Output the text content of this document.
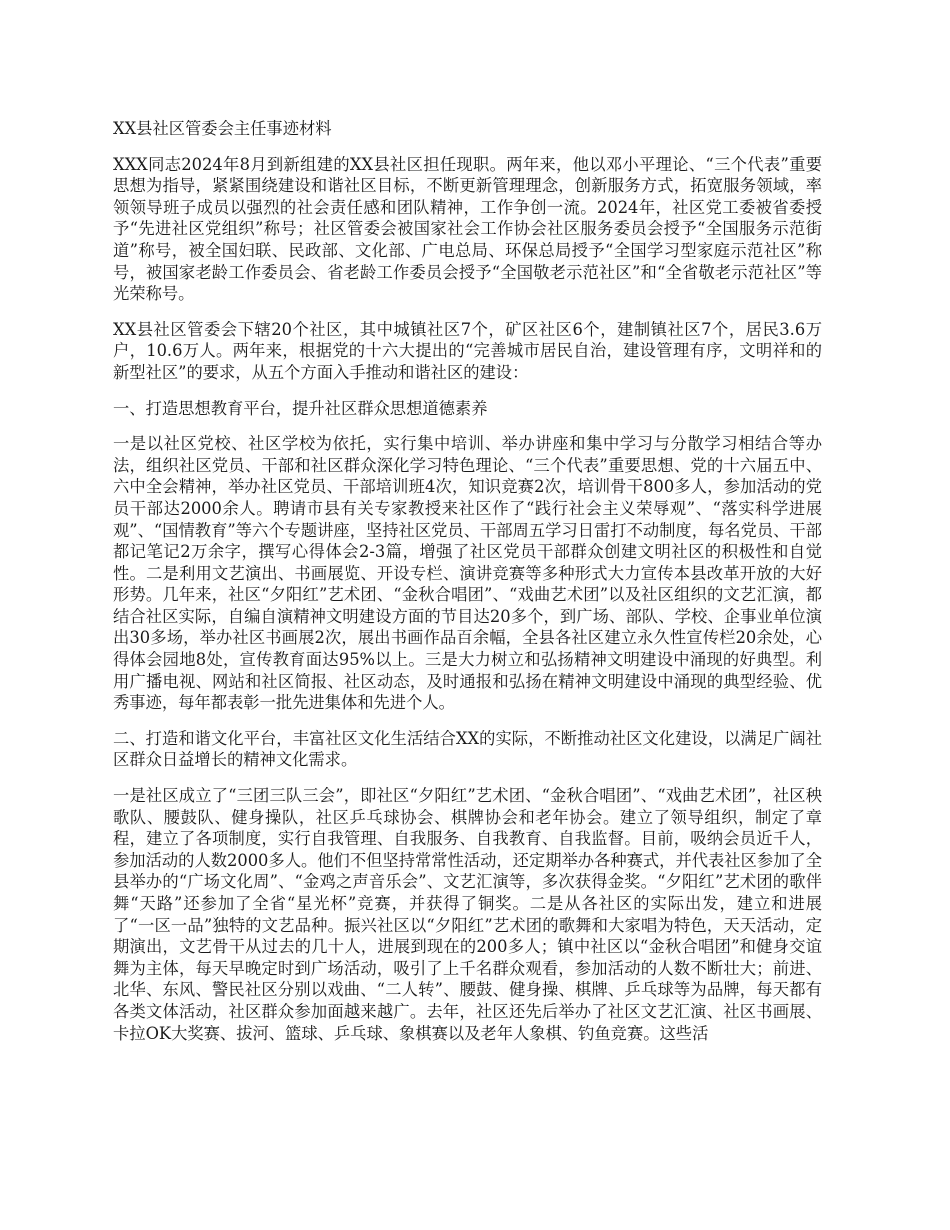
XX县社区管委会主任事迹材料

XXX同志2024年8月到新组建的XX县社区担任现职。两年来，他以邓小平理论、“三个代表”重要思想为指导，紧紧围绕建设和谐社区目标，不断更新管理理念，创新服务方式，拓宽服务领域，率领领导班子成员以强烈的社会责任感和团队精神，工作争创一流。2024年，社区党工委被省委授予“先进社区党组织”称号；社区管委会被国家社会工作协会社区服务委员会授予“全国服务示范街道”称号，被全国妇联、民政部、文化部、广电总局、环保总局授予“全国学习型家庭示范社区”称号，被国家老龄工作委员会、省老龄工作委员会授予“全国敬老示范社区”和“全省敬老示范社区”等光荣称号。

XX县社区管委会下辖20个社区，其中城镇社区7个，矿区社区6个，建制镇社区7个，居民3.6万户，10.6万人。两年来，根据党的十六大提出的“完善城市居民自治，建设管理有序，文明祥和的新型社区”的要求，从五个方面入手推动和谐社区的建设：

一、打造思想教育平台，提升社区群众思想道德素养

一是以社区党校、社区学校为依托，实行集中培训、举办讲座和集中学习与分散学习相结合等办法，组织社区党员、干部和社区群众深化学习特色理论、“三个代表”重要思想、党的十六届五中、六中全会精神，举办社区党员、干部培训班4次，知识竞赛2次，培训骨干800多人，参加活动的党员干部达2000余人。聘请市县有关专家教授来社区作了“践行社会主义荣辱观”、“落实科学进展观”、“国情教育”等六个专题讲座，坚持社区党员、干部周五学习日雷打不动制度，每名党员、干部都记笔记2万余字，撰写心得体会2-3篇，增强了社区党员干部群众创建文明社区的积极性和自觉性。二是利用文艺演出、书画展览、开设专栏、演讲竞赛等多种形式大力宣传本县改革开放的大好形势。几年来，社区“夕阳红”艺术团、“金秋合唱团”、“戏曲艺术团”以及社区组织的文艺汇演，都结合社区实际，自编自演精神文明建设方面的节目达20多个，到广场、部队、学校、企事业单位演出30多场，举办社区书画展2次，展出书画作品百余幅，全县各社区建立永久性宣传栏20余处，心得体会园地8处，宣传教育面达95%以上。三是大力树立和弘扬精神文明建设中涌现的好典型。利用广播电视、网站和社区简报、社区动态，及时通报和弘扬在精神文明建设中涌现的典型经验、优秀事迹，每年都表彰一批先进集体和先进个人。

二、打造和谐文化平台，丰富社区文化生活结合XX的实际，不断推动社区文化建设，以满足广阔社区群众日益增长的精神文化需求。

一是社区成立了“三团三队三会”，即社区“夕阳红”艺术团、“金秋合唱团”、“戏曲艺术团”，社区秧歌队、腰鼓队、健身操队，社区乒乓球协会、棋牌协会和老年协会。建立了领导组织，制定了章程，建立了各项制度，实行自我管理、自我服务、自我教育、自我监督。目前，吸纳会员近千人，参加活动的人数2000多人。他们不但坚持常常性活动，还定期举办各种赛式，并代表社区参加了全县举办的“广场文化周”、“金鸡之声音乐会”、文艺汇演等，多次获得金奖。“夕阳红”艺术团的歌伴舞“天路”还参加了全省“星光杯”竞赛，并获得了铜奖。二是从各社区的实际出发，建立和进展了“一区一品”独特的文艺品种。振兴社区以“夕阳红”艺术团的歌舞和大家唱为特色，天天活动，定期演出，文艺骨干从过去的几十人，进展到现在的200多人；镇中社区以“金秋合唱团”和健身交谊舞为主体，每天早晚定时到广场活动，吸引了上千名群众观看，参加活动的人数不断壮大；前进、北华、东风、警民社区分别以戏曲、“二人转”、腰鼓、健身操、棋牌、乒乓球等为品牌，每天都有各类文体活动，社区群众参加面越来越广。去年，社区还先后举办了社区文艺汇演、社区书画展、卡拉OK大奖赛、拔河、篮球、乒乓球、象棋赛以及老年人象棋、钓鱼竞赛。这些活
